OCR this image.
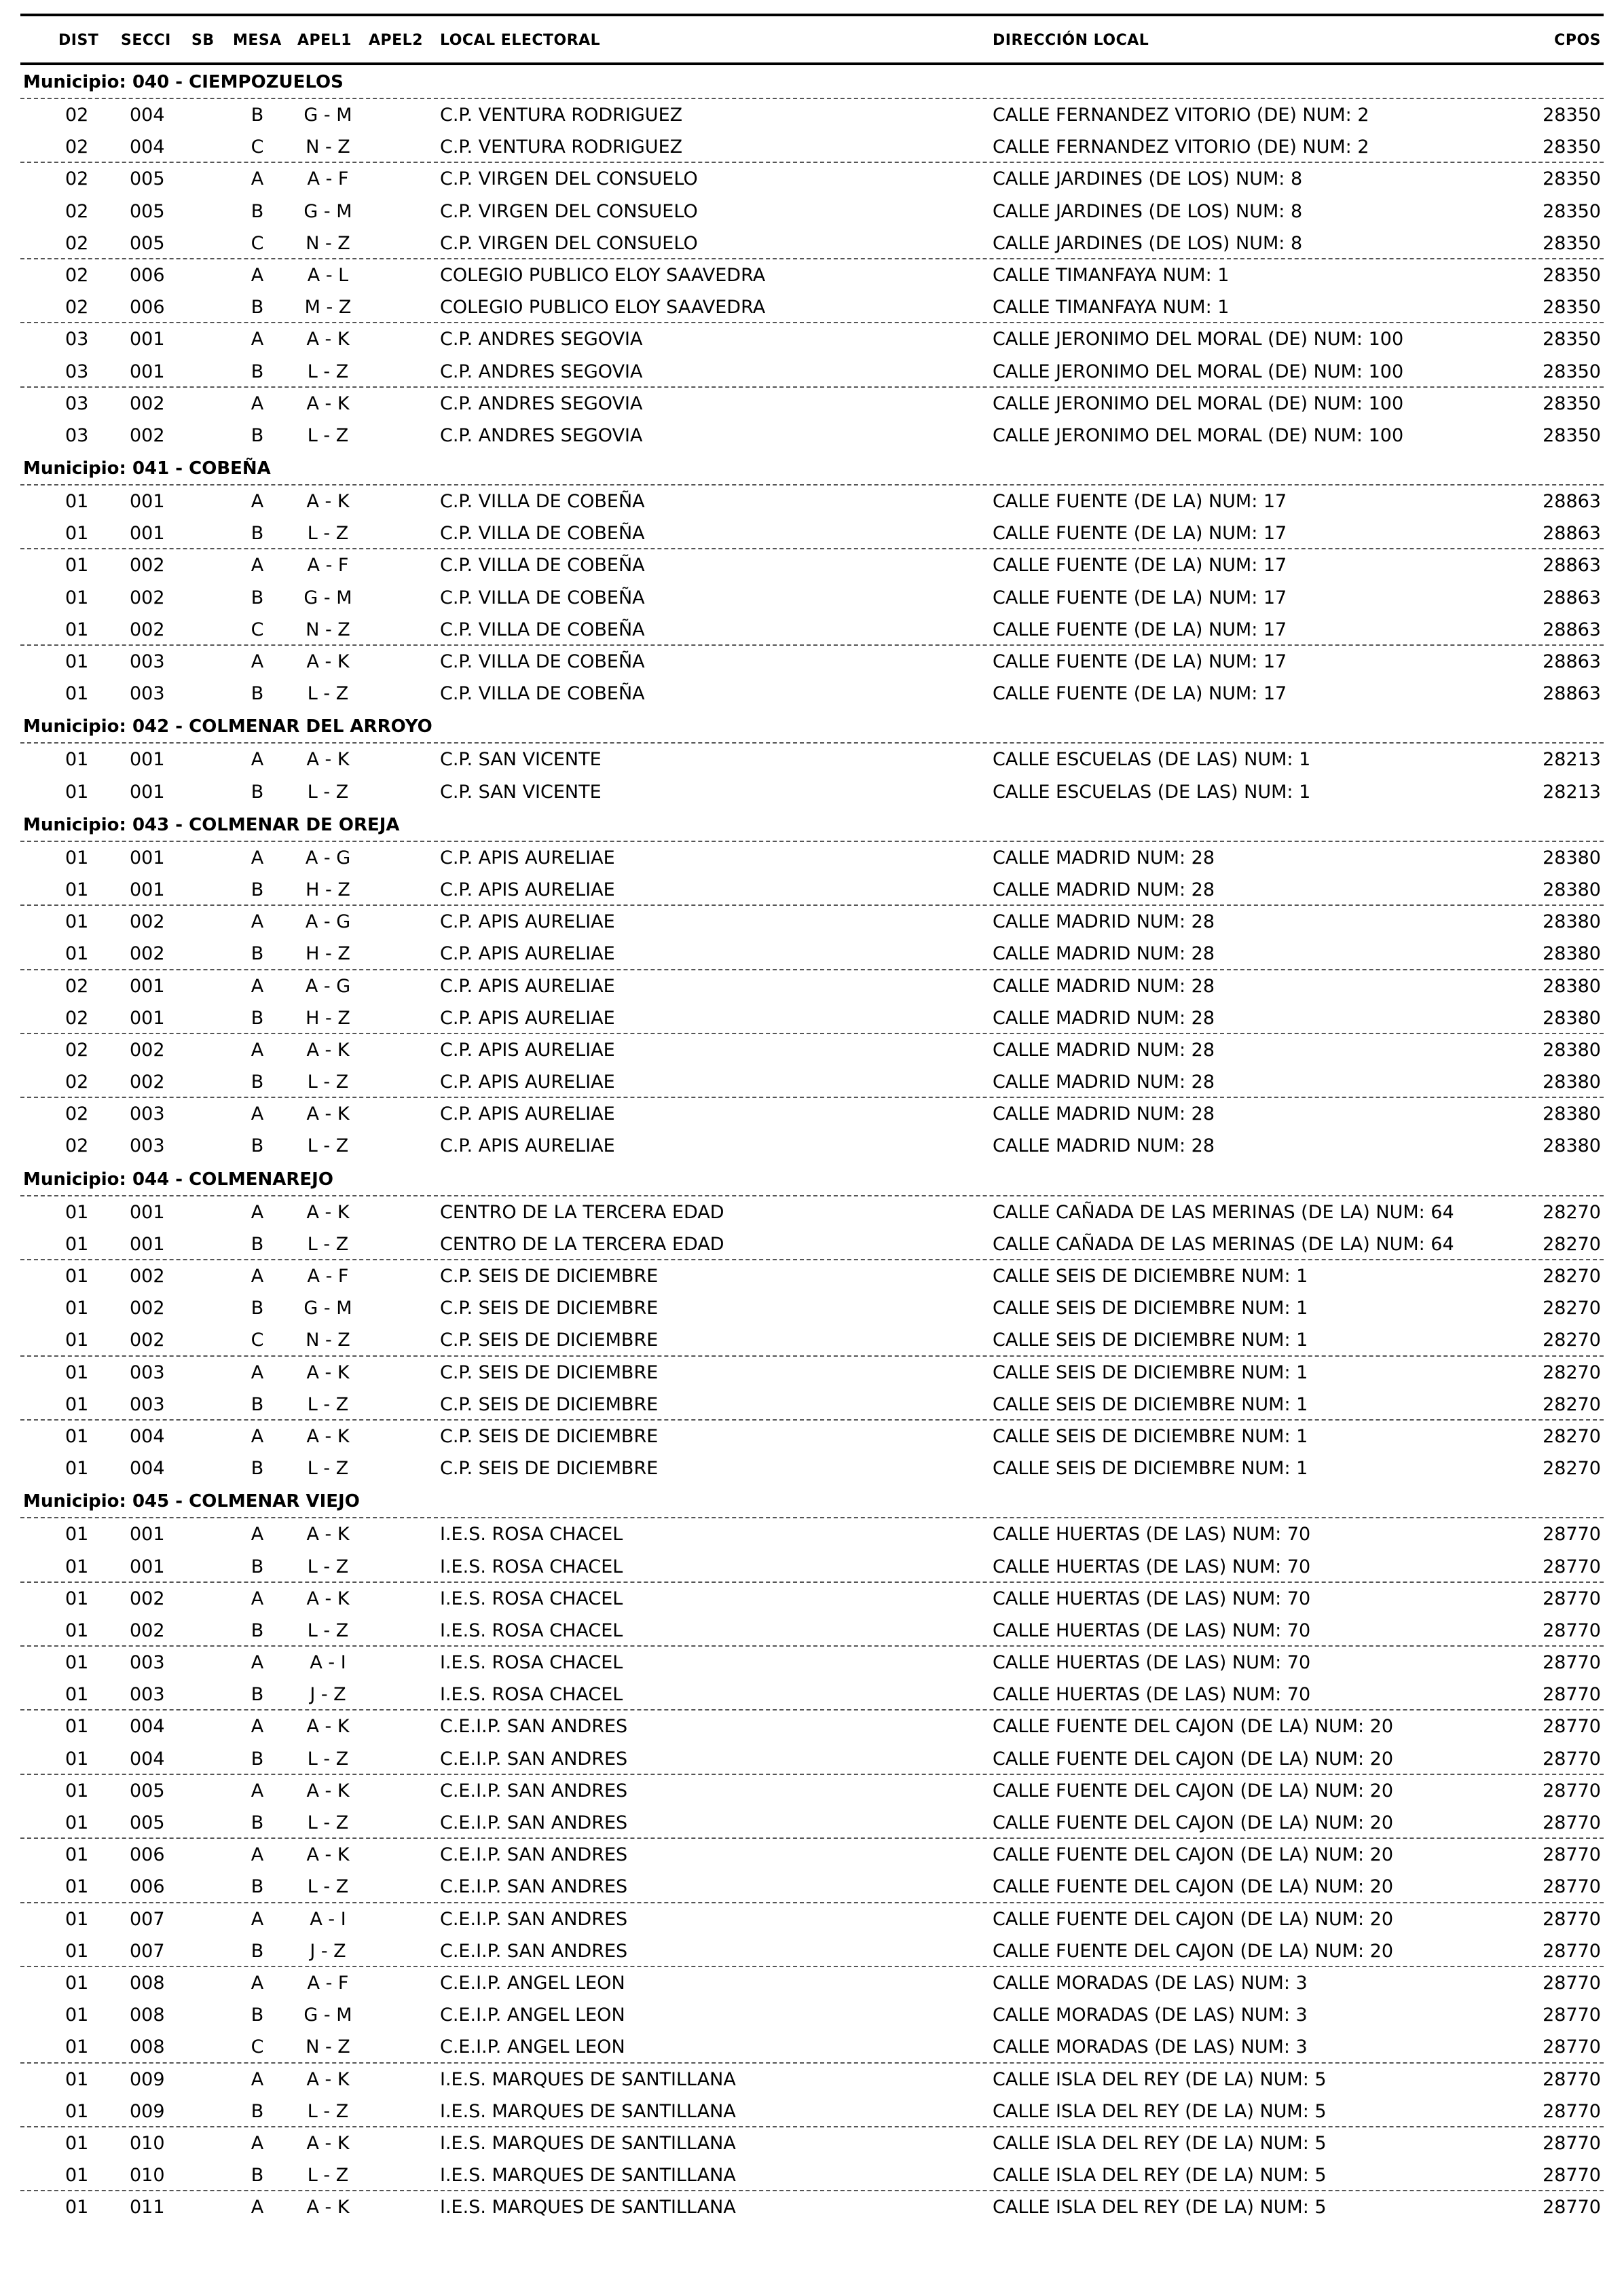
DIST SECCI SB MESA APEL1 APEL2 LOCAL ELECTORAL	DIRECCIÓN LOCAL	CPOS
Municipio: 040 - CIEMPOZUELOS
02 004	B	G - M	C.P. VENTURA RODRIGUEZ	CALLE FERNANDEZ VITORIO (DE) NUM: 2	28350
02 004	C	N - Z	C.P. VENTURA RODRIGUEZ	CALLE FERNANDEZ VITORIO (DE) NUM: 2	28350
02 005	A	A - F	C.P. VIRGEN DEL CONSUELO	CALLE JARDINES (DE LOS) NUM: 8	28350
02 005	B	G - M	C.P. VIRGEN DEL CONSUELO	CALLE JARDINES (DE LOS) NUM: 8	28350
02 005	C	N - Z	C.P. VIRGEN DEL CONSUELO	CALLE JARDINES (DE LOS) NUM: 8	28350
02 006	A	A - L	COLEGIO PUBLICO ELOY SAAVEDRA	CALLE TIMANFAYA NUM: 1	28350
02 006	B	M - Z	COLEGIO PUBLICO ELOY SAAVEDRA	CALLE TIMANFAYA NUM: 1	28350
03 001	A	A - K	C.P. ANDRES SEGOVIA	CALLE JERONIMO DEL MORAL (DE) NUM: 100	28350
03 001	B	L - Z	C.P. ANDRES SEGOVIA	CALLE JERONIMO DEL MORAL (DE) NUM: 100	28350
03 002	A	A - K	C.P. ANDRES SEGOVIA	CALLE JERONIMO DEL MORAL (DE) NUM: 100	28350
03 002	B	L - Z	C.P. ANDRES SEGOVIA	CALLE JERONIMO DEL MORAL (DE) NUM: 100	28350
Municipio: 041 - COBEÑA
01 001	A	A - K	C.P. VILLA DE COBEÑA	CALLE FUENTE (DE LA) NUM: 17	28863
01 001	B	L - Z	C.P. VILLA DE COBEÑA	CALLE FUENTE (DE LA) NUM: 17	28863
01 002	A	A - F	C.P. VILLA DE COBEÑA	CALLE FUENTE (DE LA) NUM: 17	28863
01 002	B	G - M	C.P. VILLA DE COBEÑA	CALLE FUENTE (DE LA) NUM: 17	28863
01 002	C	N - Z	C.P. VILLA DE COBEÑA	CALLE FUENTE (DE LA) NUM: 17	28863
01 003	A	A - K	C.P. VILLA DE COBEÑA	CALLE FUENTE (DE LA) NUM: 17	28863
01 003	B	L - Z	C.P. VILLA DE COBEÑA	CALLE FUENTE (DE LA) NUM: 17	28863
Municipio: 042 - COLMENAR DEL ARROYO
01 001	A	A - K	C.P. SAN VICENTE	CALLE ESCUELAS (DE LAS) NUM: 1	28213
01 001	B	L - Z	C.P. SAN VICENTE	CALLE ESCUELAS (DE LAS) NUM: 1	28213
Municipio: 043 - COLMENAR DE OREJA
01 001	A	A - G	C.P. APIS AURELIAE	CALLE MADRID NUM: 28	28380
01 001	B	H - Z	C.P. APIS AURELIAE	CALLE MADRID NUM: 28	28380
01 002	A	A - G	C.P. APIS AURELIAE	CALLE MADRID NUM: 28	28380
01 002	B	H - Z	C.P. APIS AURELIAE	CALLE MADRID NUM: 28	28380
02 001	A	A - G	C.P. APIS AURELIAE	CALLE MADRID NUM: 28	28380
02 001	B	H - Z	C.P. APIS AURELIAE	CALLE MADRID NUM: 28	28380
02 002	A	A - K	C.P. APIS AURELIAE	CALLE MADRID NUM: 28	28380
02 002	B	L - Z	C.P. APIS AURELIAE	CALLE MADRID NUM: 28	28380
02 003	A	A - K	C.P. APIS AURELIAE	CALLE MADRID NUM: 28	28380
02 003	B	L - Z	C.P. APIS AURELIAE	CALLE MADRID NUM: 28	28380
Municipio: 044 - COLMENAREJO
01 001	A	A - K	CENTRO DE LA TERCERA EDAD	CALLE CAÑADA DE LAS MERINAS (DE LA) NUM: 64	28270
01 001	B	L - Z	CENTRO DE LA TERCERA EDAD	CALLE CAÑADA DE LAS MERINAS (DE LA) NUM: 64	28270
01 002	A	A - F	C.P. SEIS DE DICIEMBRE	CALLE SEIS DE DICIEMBRE NUM: 1	28270
01 002	B	G - M	C.P. SEIS DE DICIEMBRE	CALLE SEIS DE DICIEMBRE NUM: 1	28270
01 002	C	N - Z	C.P. SEIS DE DICIEMBRE	CALLE SEIS DE DICIEMBRE NUM: 1	28270
01 003	A	A - K	C.P. SEIS DE DICIEMBRE	CALLE SEIS DE DICIEMBRE NUM: 1	28270
01 003	B	L - Z	C.P. SEIS DE DICIEMBRE	CALLE SEIS DE DICIEMBRE NUM: 1	28270
01 004	A	A - K	C.P. SEIS DE DICIEMBRE	CALLE SEIS DE DICIEMBRE NUM: 1	28270
01 004	B	L - Z	C.P. SEIS DE DICIEMBRE	CALLE SEIS DE DICIEMBRE NUM: 1	28270
Municipio: 045 - COLMENAR VIEJO
01 001	A	A - K	I.E.S. ROSA CHACEL	CALLE HUERTAS (DE LAS) NUM: 70	28770
01 001	B	L - Z	I.E.S. ROSA CHACEL	CALLE HUERTAS (DE LAS) NUM: 70	28770
01 002	A	A - K	I.E.S. ROSA CHACEL	CALLE HUERTAS (DE LAS) NUM: 70	28770
01 002	B	L - Z	I.E.S. ROSA CHACEL	CALLE HUERTAS (DE LAS) NUM: 70	28770
01 003	A	A - I	I.E.S. ROSA CHACEL	CALLE HUERTAS (DE LAS) NUM: 70	28770
01 003	B	J - Z	I.E.S. ROSA CHACEL	CALLE HUERTAS (DE LAS) NUM: 70	28770
01 004	A	A - K	C.E.I.P. SAN ANDRES	CALLE FUENTE DEL CAJON (DE LA) NUM: 20	28770
01 004	B	L - Z	C.E.I.P. SAN ANDRES	CALLE FUENTE DEL CAJON (DE LA) NUM: 20	28770
01 005	A	A - K	C.E.I.P. SAN ANDRES	CALLE FUENTE DEL CAJON (DE LA) NUM: 20	28770
01 005	B	L - Z	C.E.I.P. SAN ANDRES	CALLE FUENTE DEL CAJON (DE LA) NUM: 20	28770
01 006	A	A - K	C.E.I.P. SAN ANDRES	CALLE FUENTE DEL CAJON (DE LA) NUM: 20	28770
01 006	B	L - Z	C.E.I.P. SAN ANDRES	CALLE FUENTE DEL CAJON (DE LA) NUM: 20	28770
01 007	A	A - I	C.E.I.P. SAN ANDRES	CALLE FUENTE DEL CAJON (DE LA) NUM: 20	28770
01 007	B	J - Z	C.E.I.P. SAN ANDRES	CALLE FUENTE DEL CAJON (DE LA) NUM: 20	28770
01 008	A	A - F	C.E.I.P. ANGEL LEON	CALLE MORADAS (DE LAS) NUM: 3	28770
01 008	B	G - M	C.E.I.P. ANGEL LEON	CALLE MORADAS (DE LAS) NUM: 3	28770
01 008	C	N - Z	C.E.I.P. ANGEL LEON	CALLE MORADAS (DE LAS) NUM: 3	28770
01 009	A	A - K	I.E.S. MARQUES DE SANTILLANA	CALLE ISLA DEL REY (DE LA) NUM: 5	28770
01 009	B	L - Z	I.E.S. MARQUES DE SANTILLANA	CALLE ISLA DEL REY (DE LA) NUM: 5	28770
01 010	A	A - K	I.E.S. MARQUES DE SANTILLANA	CALLE ISLA DEL REY (DE LA) NUM: 5	28770
01 010	B	L - Z	I.E.S. MARQUES DE SANTILLANA	CALLE ISLA DEL REY (DE LA) NUM: 5	28770
01 011	A	A - K	I.E.S. MARQUES DE SANTILLANA	CALLE ISLA DEL REY (DE LA) NUM: 5	28770
